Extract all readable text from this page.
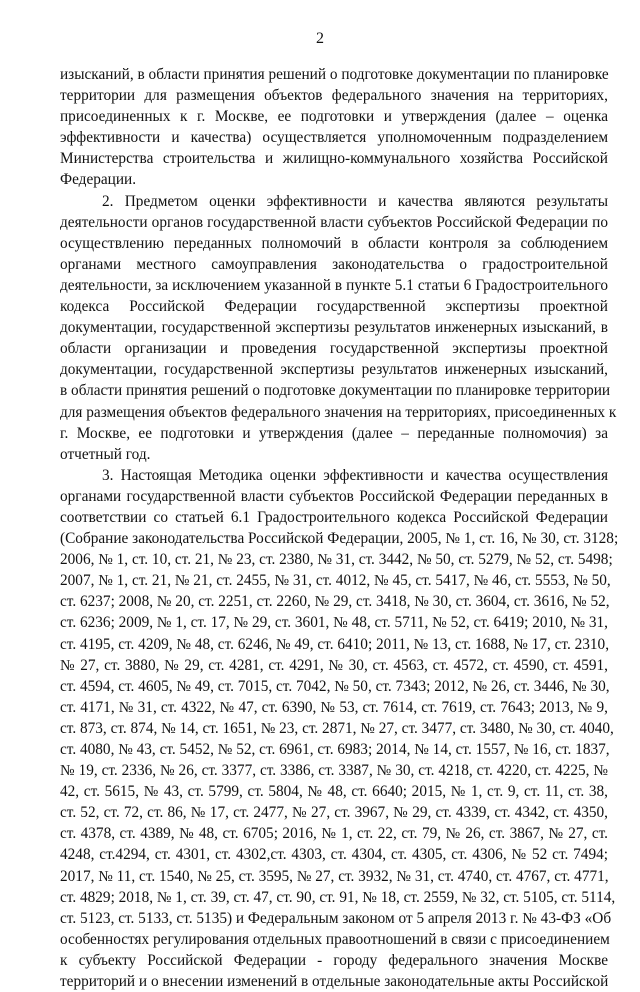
2
изысканий, в области принятия решений о подготовке документации по планировке
территории для размещения объектов федерального значения на территориях,
присоединенных к г. Москве, ее подготовки и утверждения (далее – оценка
эффективности и качества) осуществляется уполномоченным подразделением
Министерства строительства и жилищно-коммунального хозяйства Российской
Федерации.
2. Предметом оценки эффективности и качества являются результаты
деятельности органов государственной власти субъектов Российской Федерации по
осуществлению переданных полномочий в области контроля за соблюдением
органами местного самоуправления законодательства о градостроительной
деятельности, за исключением указанной в пункте 5.1 статьи 6 Градостроительного
кодекса Российской Федерации государственной экспертизы проектной
документации, государственной экспертизы результатов инженерных изысканий, в
области организации и проведения государственной экспертизы проектной
документации, государственной экспертизы результатов инженерных изысканий,
в области принятия решений о подготовке документации по планировке территории
для размещения объектов федерального значения на территориях, присоединенных к
г. Москве, ее подготовки и утверждения (далее – переданные полномочия) за
отчетный год.
3. Настоящая Методика оценки эффективности и качества осуществления
органами государственной власти субъектов Российской Федерации переданных в
соответствии со статьей 6.1 Градостроительного кодекса Российской Федерации
(Собрание законодательства Российской Федерации, 2005, № 1, ст. 16, № 30, ст. 3128;
2006, № 1, ст. 10, ст. 21, № 23, ст. 2380, № 31, ст. 3442, № 50, ст. 5279, № 52, ст. 5498;
2007, № 1, ст. 21, № 21, ст. 2455, № 31, ст. 4012, № 45, ст. 5417, № 46, ст. 5553, № 50,
ст. 6237; 2008, № 20, ст. 2251, ст. 2260, № 29, ст. 3418, № 30, ст. 3604, ст. 3616, № 52,
ст. 6236; 2009, № 1, ст. 17, № 29, ст. 3601, № 48, ст. 5711, № 52, ст. 6419; 2010, № 31,
ст. 4195, ст. 4209, № 48, ст. 6246, № 49, ст. 6410; 2011, № 13, ст. 1688, № 17, ст. 2310,
№ 27, ст. 3880, № 29, ст. 4281, ст. 4291, № 30, ст. 4563, ст. 4572, ст. 4590, ст. 4591,
ст. 4594, ст. 4605, № 49, ст. 7015, ст. 7042, № 50, ст. 7343; 2012, № 26, ст. 3446, № 30,
ст. 4171, № 31, ст. 4322, № 47, ст. 6390, № 53, ст. 7614, ст. 7619, ст. 7643; 2013, № 9,
ст. 873, ст. 874, № 14, ст. 1651, № 23, ст. 2871, № 27, ст. 3477, ст. 3480, № 30, ст. 4040,
ст. 4080, № 43, ст. 5452, № 52, ст. 6961, ст. 6983; 2014, № 14, ст. 1557, № 16, ст. 1837,
№ 19, ст. 2336, № 26, ст. 3377, ст. 3386, ст. 3387, № 30, ст. 4218, ст. 4220, ст. 4225, №
42, ст. 5615, № 43, ст. 5799, ст. 5804, № 48, ст. 6640; 2015, № 1, ст. 9, ст. 11, ст. 38,
ст. 52, ст. 72, ст. 86, № 17, ст. 2477, № 27, ст. 3967, № 29, ст. 4339, ст. 4342, ст. 4350,
ст. 4378, ст. 4389, № 48, ст. 6705; 2016, № 1, ст. 22, ст. 79, № 26, ст. 3867, № 27, ст.
4248, ст.4294, ст. 4301, ст. 4302,ст. 4303, ст. 4304, ст. 4305, ст. 4306, № 52 ст. 7494;
2017, № 11, ст. 1540, № 25, ст. 3595, № 27, ст. 3932, № 31, ст. 4740, ст. 4767, ст. 4771,
ст. 4829; 2018, № 1, ст. 39, ст. 47, ст. 90, ст. 91, № 18, ст. 2559, № 32, ст. 5105, ст. 5114,
ст. 5123, ст. 5133, ст. 5135) и Федеральным законом от 5 апреля 2013 г. № 43-ФЗ «Об
особенностях регулирования отдельных правоотношений в связи с присоединением
к субъекту Российской Федерации - городу федерального значения Москве
территорий и о внесении изменений в отдельные законодательные акты Российской
